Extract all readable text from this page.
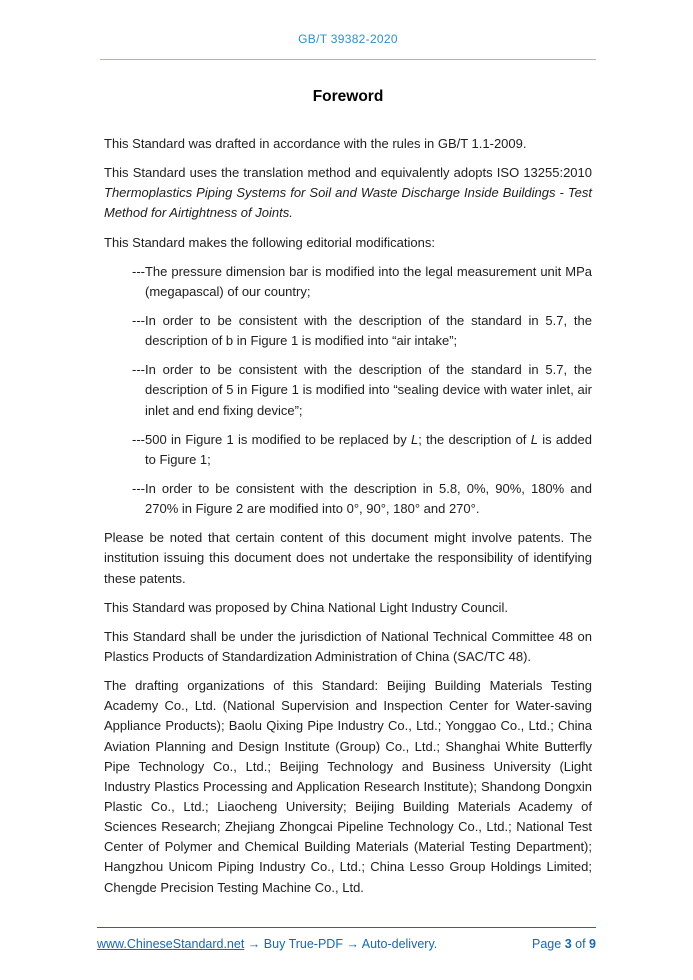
GB/T 39382-2020
Foreword

This Standard was drafted in accordance with the rules in GB/T 1.1-2009.

This Standard uses the translation method and equivalently adopts ISO 13255:2010 Thermoplastics Piping Systems for Soil and Waste Discharge Inside Buildings - Test Method for Airtightness of Joints.

This Standard makes the following editorial modifications:

---The pressure dimension bar is modified into the legal measurement unit MPa (megapascal) of our country;

---In order to be consistent with the description of the standard in 5.7, the description of b in Figure 1 is modified into “air intake”;

---In order to be consistent with the description of the standard in 5.7, the description of 5 in Figure 1 is modified into “sealing device with water inlet, air inlet and end fixing device”;

---500 in Figure 1 is modified to be replaced by L; the description of L is added to Figure 1;

---In order to be consistent with the description in 5.8, 0%, 90%, 180% and 270% in Figure 2 are modified into 0°, 90°, 180° and 270°.

Please be noted that certain content of this document might involve patents. The institution issuing this document does not undertake the responsibility of identifying these patents.

This Standard was proposed by China National Light Industry Council.

This Standard shall be under the jurisdiction of National Technical Committee 48 on Plastics Products of Standardization Administration of China (SAC/TC 48).

The drafting organizations of this Standard: Beijing Building Materials Testing Academy Co., Ltd. (National Supervision and Inspection Center for Water-saving Appliance Products); Baolu Qixing Pipe Industry Co., Ltd.; Yonggao Co., Ltd.; China Aviation Planning and Design Institute (Group) Co., Ltd.; Shanghai White Butterfly Pipe Technology Co., Ltd.; Beijing Technology and Business University (Light Industry Plastics Processing and Application Research Institute); Shandong Dongxin Plastic Co., Ltd.; Liaocheng University; Beijing Building Materials Academy of Sciences Research; Zhejiang Zhongcai Pipeline Technology Co., Ltd.; National Test Center of Polymer and Chemical Building Materials (Material Testing Department); Hangzhou Unicom Piping Industry Co., Ltd.; China Lesso Group Holdings Limited; Chengde Precision Testing Machine Co., Ltd.

www.ChineseStandard.net → Buy True-PDF → Auto-delivery.	Page 3 of 9
